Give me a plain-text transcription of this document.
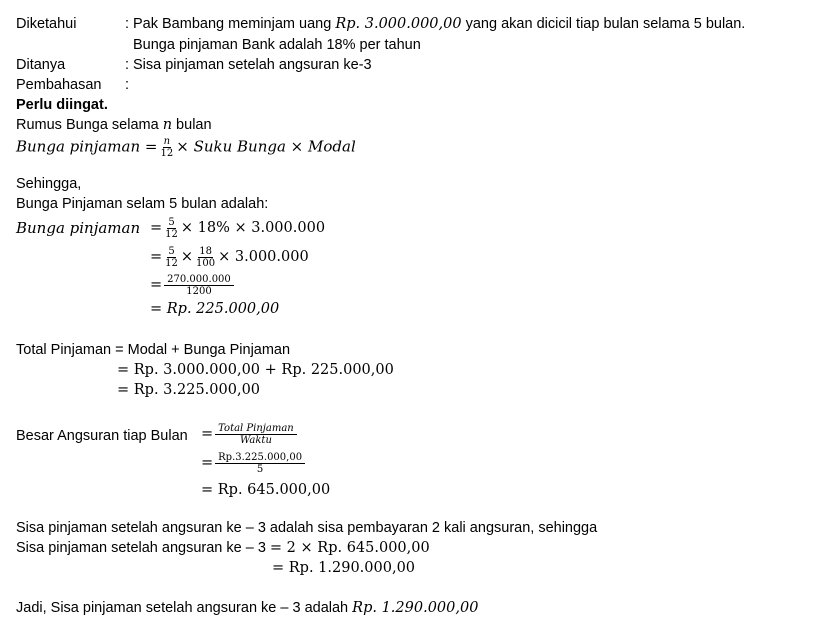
Diketahui	: Pak Bambang meminjam uang Rp. 3.000.000,00 yang akan dicicil tiap bulan selama 5 bulan.
Bunga pinjaman Bank adalah 18% per tahun
Ditanya	: Sisa pinjaman setelah angsuran ke-3
Pembahasan :
Perlu diingat.
Rumus Bunga selama n bulan
Bunga pinjaman = $\frac{n}{12}$ × Suku Bunga × Modal
Sehingga,
Bunga Pinjaman selam 5 bulan adalah:
Bunga pinjaman = $\frac{5}{12} \times 18\% \times 3.000.000$
= $\frac{5}{12} \times \frac{18}{100} \times 3.000.000$
= $\frac{270.000.000}{1200}$
= Rp. 225.000,00
Total Pinjaman = Modal + Bunga Pinjaman
= Rp. 3.000.000,00 + Rp. 225.000,00
= Rp. 3.225.000,00
Besar Angsuran tiap Bulan = $\frac{\text{Total Pinjaman}}{\text{Waktu}}$
= $\frac{Rp.3.225.000,00}{5}$
= Rp. 645.000,00
Sisa pinjaman setelah angsuran ke – 3 adalah sisa pembayaran 2 kali angsuran, sehingga
Sisa pinjaman setelah angsuran ke – 3 = 2 × Rp. 645.000,00
= Rp. 1.290.000,00
Jadi, Sisa pinjaman setelah angsuran ke – 3 adalah Rp. 1.290.000,00
